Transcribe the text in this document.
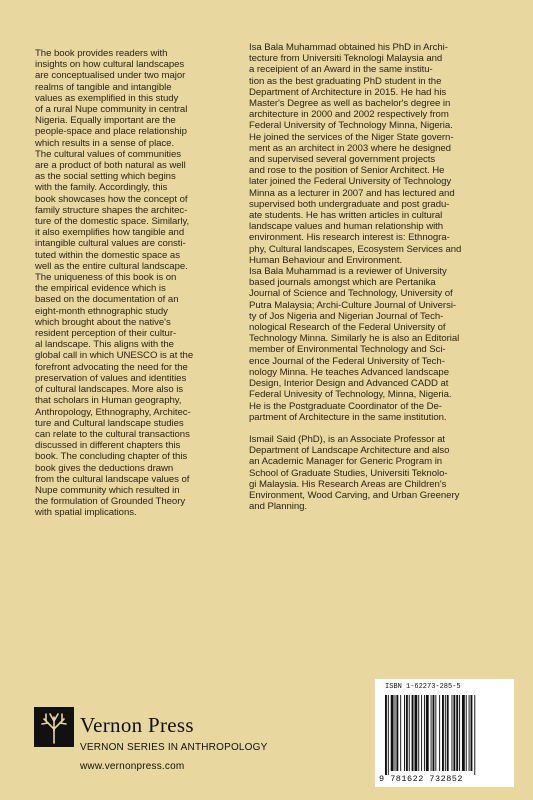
The book provides readers with
insights on how cultural landscapes
are conceptualised under two major
realms of tangible and intangible
values as exemplified in this study
of a rural Nupe community in central
Nigeria. Equally important are the
people-space and place relationship
which results in a sense of place.
The cultural values of communities
are a product of both natural as well
as the social setting which begins
with the family. Accordingly, this
book showcases how the concept of
family structure shapes the architec-
ture of the domestic space. Similarly,
it also exemplifies how tangible and
intangible cultural values are consti-
tuted within the domestic space as
well as the entire cultural landscape.
The uniqueness of this book is on
the empirical evidence which is
based on the documentation of an
eight-month ethnographic study
which brought about the native's
resident perception of their cultur-
al landscape. This aligns with the
global call in which UNESCO is at the
forefront advocating the need for the
preservation of values and identities
of cultural landscapes. More also is
that scholars in Human geography,
Anthropology, Ethnography, Architec-
ture and Cultural landscape studies
can relate to the cultural transactions
discussed in different chapters this
book. The concluding chapter of this
book gives the deductions drawn
from the cultural landscape values of
Nupe community which resulted in
the formulation of Grounded Theory
with spatial implications.
Isa Bala Muhammad obtained his PhD in Archi-
tecture from Universiti Teknologi Malaysia and
a receipient of an Award in the same institu-
tion as the best graduating PhD student in the
Department of Architecture in 2015. He had his
Master's Degree as well as bachelor's degree in
architecture in 2000 and 2002 respectively from
Federal University of Technology Minna, Nigeria.
He joined the services of the Niger State govern-
ment as an architect in 2003 where he designed
and supervised several government projects
and rose to the position of Senior Architect. He
later joined the Federal University of Technology
Minna as a lecturer in 2007 and has lectured and
supervised both undergraduate and post gradu-
ate students. He has written articles in cultural
landscape values and human relationship with
environment. His research interest is: Ethnogra-
phy, Cultural landscapes, Ecosystem Services and
Human Behaviour and Environment.
Isa Bala Muhammad is a reviewer of University
based journals amongst which are Pertanika
Journal of Science and Technology, University of
Putra Malaysia; Archi-Culture Journal of Universi-
ty of Jos Nigeria and Nigerian Journal of Tech-
nological Research of the Federal University of
Technology Minna. Similarly he is also an Editorial
member of Environmental Technology and Sci-
ence Journal of the Federal University of Tech-
nology Minna. He teaches Advanced landscape
Design, Interior Design and Advanced CADD at
Federal Univesity of Technology, Minna, Nigeria.
He is the Postgraduate Coordinator of the De-
partment of Architecture in the same institution.
Ismail Said (PhD), is an Associate Professor at
Department of Landscape Architecture and also
an Academic Manager for Generic Program in
School of Graduate Studies, Universiti Teknolo-
gi Malaysia. His Research Areas are Children's
Environment, Wood Carving, and Urban Greenery
and Planning.
Vernon Press
VERNON SERIES IN ANTHROPOLOGY
www.vernonpress.com
ISBN 1-62273-285-5
9 781622 732852
